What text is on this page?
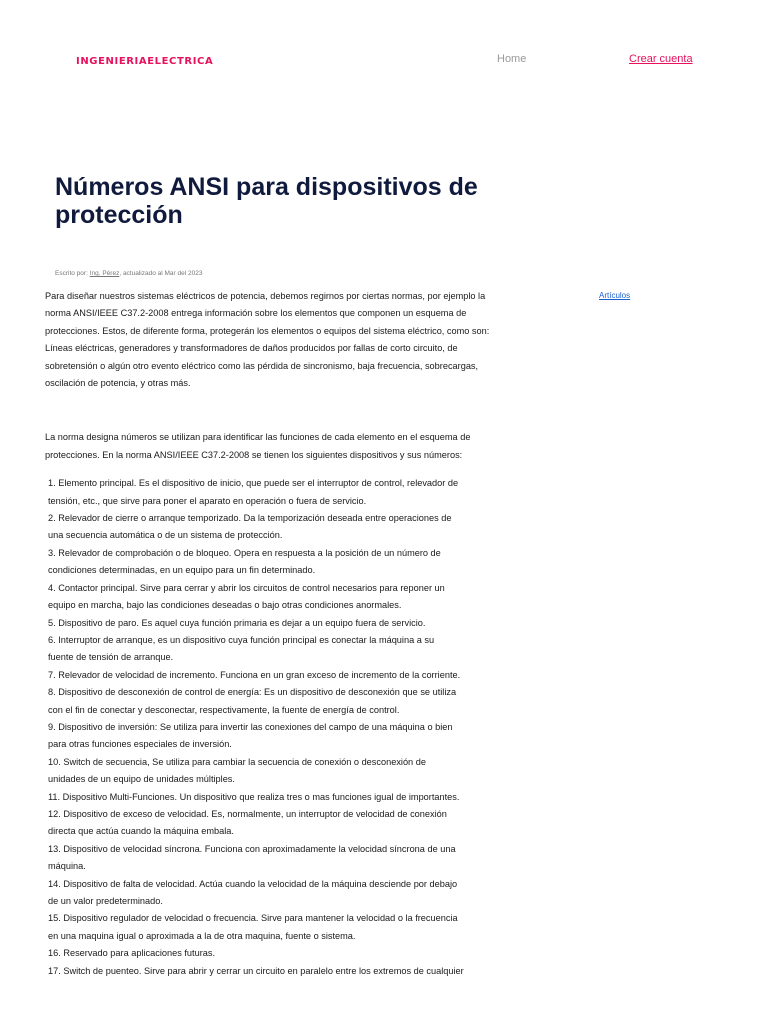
INGENIERIAELECTRICA	Home	Crear cuenta
Números ANSI para dispositivos de
protección
Escrito por: Ing. Pérez, actualizado al Mar del 2023
Artículos

Para diseñar nuestros sistemas eléctricos de potencia, debemos regirnos por ciertas normas, por ejemplo la
norma ANSI/IEEE C37.2-2008 entrega información sobre los elementos que componen un esquema de
protecciones. Estos, de diferente forma, protegerán los elementos o equipos del sistema eléctrico, como son:
Líneas eléctricas, generadores y transformadores de daños producidos por fallas de corto circuito, de
sobretensión o algún otro evento eléctrico como las pérdida de sincronismo, baja frecuencia, sobrecargas,
oscilación de potencia, y otras más.

La norma designa números se utilizan para identificar las funciones de cada elemento en el esquema de
protecciones. En la norma ANSI/IEEE C37.2-2008 se tienen los siguientes dispositivos y sus números:

1. Elemento principal. Es el dispositivo de inicio, que puede ser el interruptor de control, relevador de
tensión, etc., que sirve para poner el aparato en operación o fuera de servicio.
2. Relevador de cierre o arranque temporizado. Da la temporización deseada entre operaciones de
una secuencia automática o de un sistema de protección.
3. Relevador de comprobación o de bloqueo. Opera en respuesta a la posición de un número de
condiciones determinadas, en un equipo para un fin determinado.
4. Contactor principal. Sirve para cerrar y abrir los circuitos de control necesarios para reponer un
equipo en marcha, bajo las condiciones deseadas o bajo otras condiciones anormales.
5. Dispositivo de paro. Es aquel cuya función primaria es dejar a un equipo fuera de servicio.
6. Interruptor de arranque, es un dispositivo cuya función principal es conectar la máquina a su
fuente de tensión de arranque.
7. Relevador de velocidad de incremento. Funciona en un gran exceso de incremento de la corriente.
8. Dispositivo de desconexión de control de energía: Es un dispositivo de desconexión que se utiliza
con el fin de conectar y desconectar, respectivamente, la fuente de energía de control.
9. Dispositivo de inversión: Se utiliza para invertir las conexiones del campo de una máquina o bien
para otras funciones especiales de inversión.
10. Switch de secuencia, Se utiliza para cambiar la secuencia de conexión o desconexión de
unidades de un equipo de unidades múltiples.
11. Dispositivo Multi-Funciones. Un dispositivo que realiza tres o mas funciones igual de importantes.
12. Dispositivo de exceso de velocidad. Es, normalmente, un interruptor de velocidad de conexión
directa que actúa cuando la máquina embala.
13. Dispositivo de velocidad síncrona. Funciona con aproximadamente la velocidad síncrona de una
máquina.
14. Dispositivo de falta de velocidad. Actúa cuando la velocidad de la máquina desciende por debajo
de un valor predeterminado.
15. Dispositivo regulador de velocidad o frecuencia. Sirve para mantener la velocidad o la frecuencia
en una maquina igual o aproximada a la de otra maquina, fuente o sistema.
16. Reservado para aplicaciones futuras.
17. Switch de puenteo. Sirve para abrir y cerrar un circuito en paralelo entre los extremos de cualquier
